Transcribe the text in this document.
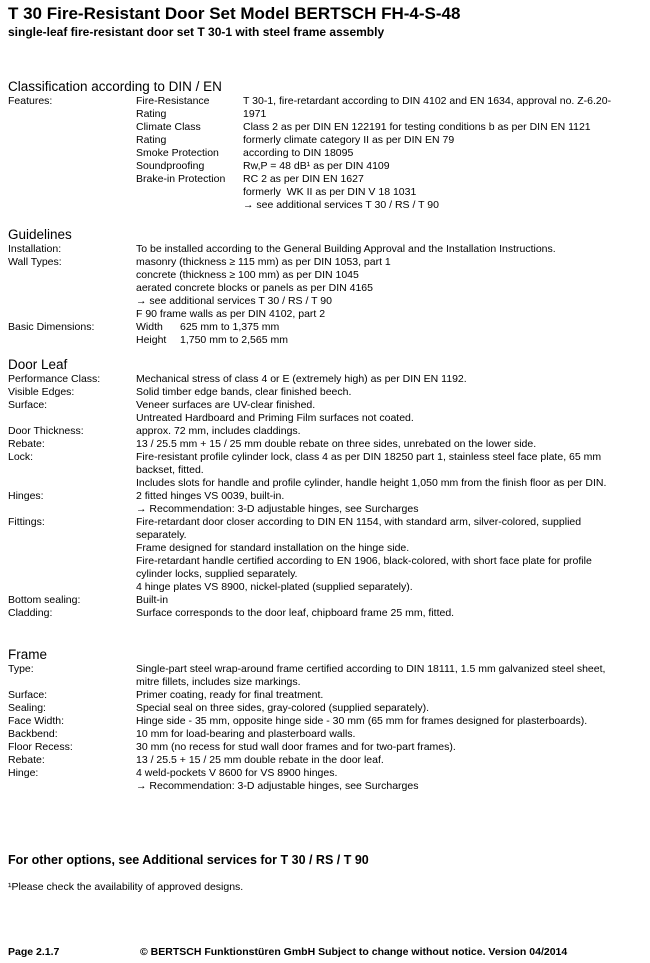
T 30 Fire-Resistant Door Set Model BERTSCH FH-4-S-48
single-leaf fire-resistant door set T 30-1 with steel frame assembly
Classification according to DIN / EN
Features:	Fire-Resistance	T 30-1, fire-retardant according to DIN 4102 and EN 1634, approval no. Z-6.20-
Rating	1971
Climate Class	Class 2 as per DIN EN 122191 for testing conditions b as per DIN EN 1121
Rating	formerly climate category II as per DIN EN 79
Smoke Protection	according to DIN 18095
Soundproofing	Rw,P = 48 dB¹ as per DIN 4109
Brake-in Protection	RC 2 as per DIN EN 1627
formerly  WK II as per DIN V 18 1031
→ see additional services T 30 / RS / T 90
Guidelines
Installation:	To be installed according to the General Building Approval and the Installation Instructions.
Wall Types:	masonry (thickness ≥ 115 mm) as per DIN 1053, part 1
concrete (thickness ≥ 100 mm) as per DIN 1045
aerated concrete blocks or panels as per DIN 4165
→ see additional services T 30 / RS / T 90
F 90 frame walls as per DIN 4102, part 2
Basic Dimensions:	Width	625 mm to 1,375 mm
Height	1,750 mm to 2,565 mm
Door Leaf
Performance Class:	Mechanical stress of class 4 or E (extremely high) as per DIN EN 1192.
Visible Edges:	Solid timber edge bands, clear finished beech.
Surface:	Veneer surfaces are UV-clear finished.
Untreated Hardboard and Priming Film surfaces not coated.
Door Thickness:	approx. 72 mm, includes claddings.
Rebate:	13 / 25.5 mm + 15 / 25 mm double rebate on three sides, unrebated on the lower side.
Lock:	Fire-resistant profile cylinder lock, class 4 as per DIN 18250 part 1, stainless steel face plate, 65 mm
backset, fitted.
Includes slots for handle and profile cylinder, handle height 1,050 mm from the finish floor as per DIN.
Hinges:	2 fitted hinges VS 0039, built-in.
→ Recommendation: 3-D adjustable hinges, see Surcharges
Fittings:	Fire-retardant door closer according to DIN EN 1154, with standard arm, silver-colored, supplied
separately.
Frame designed for standard installation on the hinge side.
Fire-retardant handle certified according to EN 1906, black-colored, with short face plate for profile
cylinder locks, supplied separately.
4 hinge plates VS 8900, nickel-plated (supplied separately).
Bottom sealing:	Built-in
Cladding:	Surface corresponds to the door leaf, chipboard frame 25 mm, fitted.
Frame
Type:	Single-part steel wrap-around frame certified according to DIN 18111, 1.5 mm galvanized steel sheet,
mitre fillets, includes size markings.
Surface:	Primer coating, ready for final treatment.
Sealing:	Special seal on three sides, gray-colored (supplied separately).
Face Width:	Hinge side - 35 mm, opposite hinge side - 30 mm (65 mm for frames designed for plasterboards).
Backbend:	10 mm for load-bearing and plasterboard walls.
Floor Recess:	30 mm (no recess for stud wall door frames and for two-part frames).
Rebate:	13 / 25.5 + 15 / 25 mm double rebate in the door leaf.
Hinge:	4 weld-pockets V 8600 for VS 8900 hinges.
→ Recommendation: 3-D adjustable hinges, see Surcharges
For other options, see Additional services for T 30 / RS / T 90
¹Please check the availability of approved designs.
Page 2.1.7	© BERTSCH Funktionstüren GmbH Subject to change without notice. Version 04/2014
